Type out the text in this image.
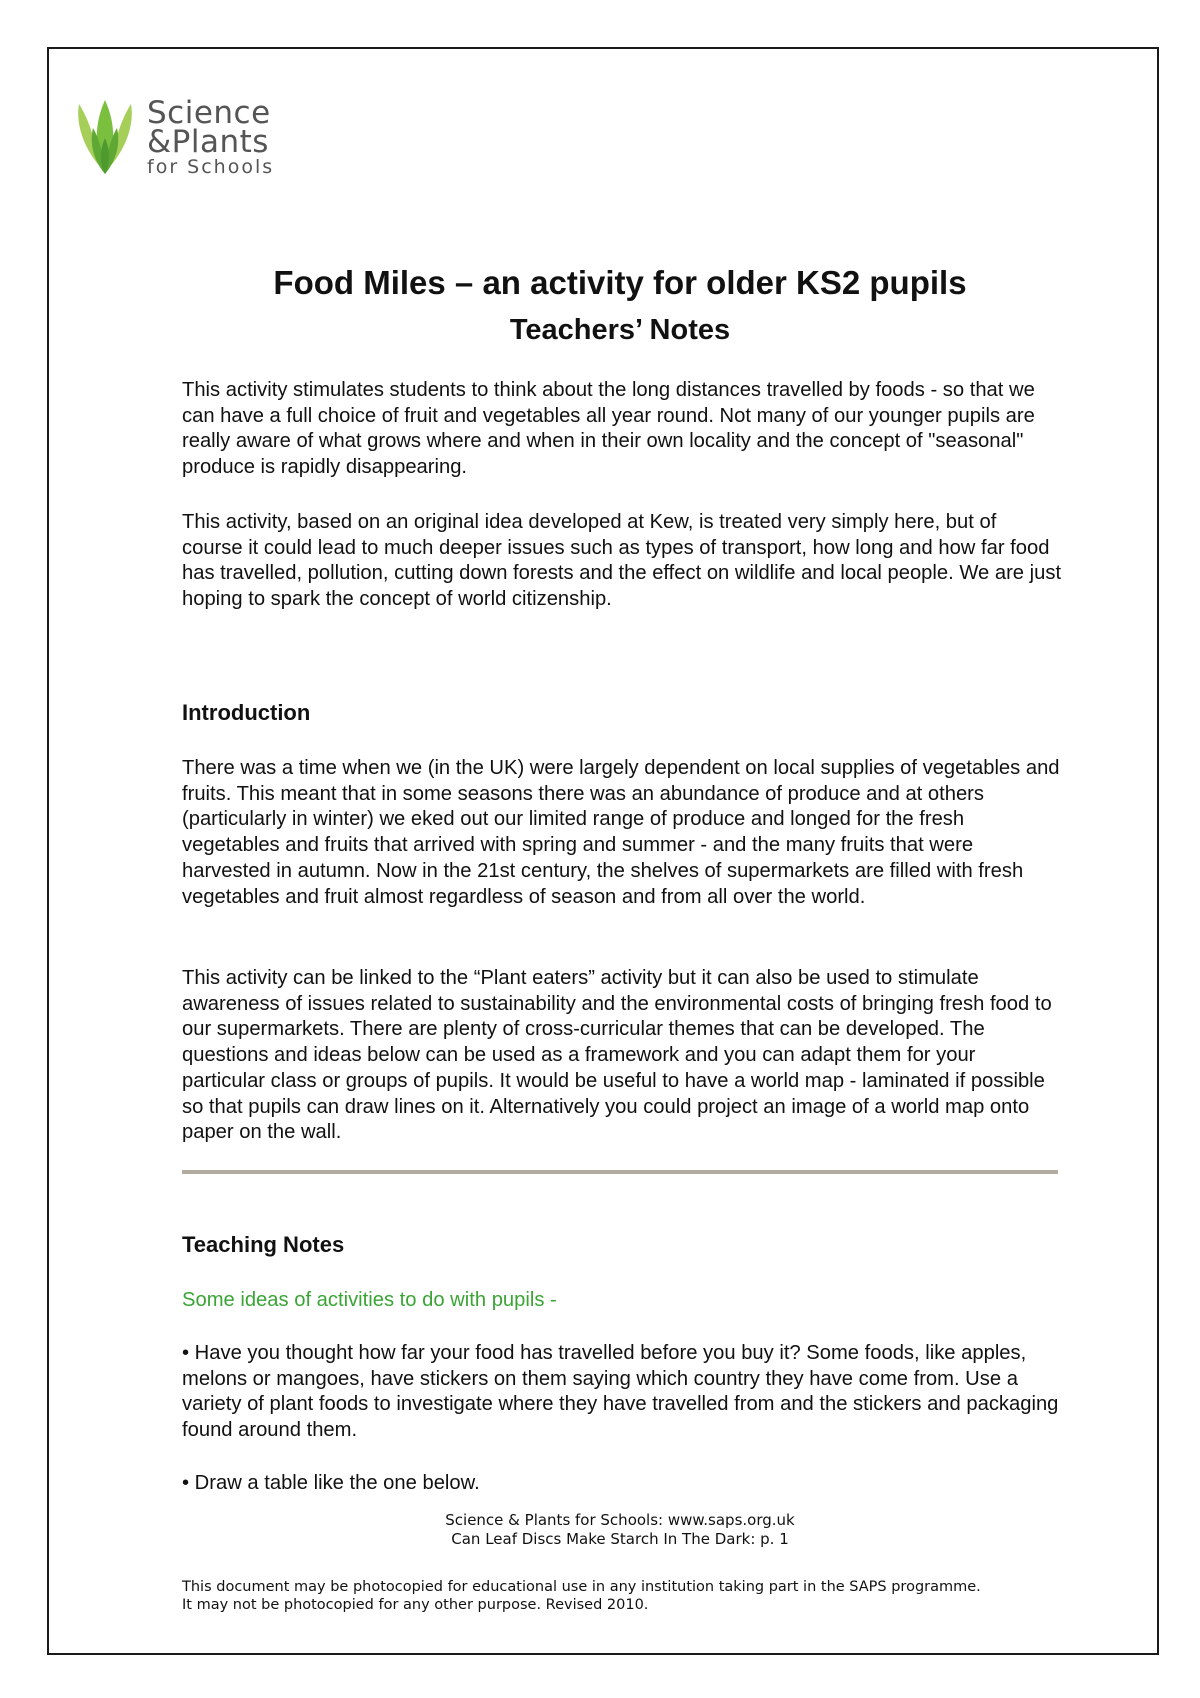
Science
&Plants
for Schools
Food Miles – an activity for older KS2 pupils
Teachers’ Notes

This activity stimulates students to think about the long distances travelled by foods - so that we can have a full choice of fruit and vegetables all year round. Not many of our younger pupils are really aware of what grows where and when in their own locality and the concept of "seasonal" produce is rapidly disappearing.

This activity, based on an original idea developed at Kew, is treated very simply here, but of course it could lead to much deeper issues such as types of transport, how long and how far food has travelled, pollution, cutting down forests and the effect on wildlife and local people. We are just hoping to spark the concept of world citizenship.

Introduction

There was a time when we (in the UK) were largely dependent on local supplies of vegetables and fruits. This meant that in some seasons there was an abundance of produce and at others (particularly in winter) we eked out our limited range of produce and longed for the fresh vegetables and fruits that arrived with spring and summer - and the many fruits that were harvested in autumn. Now in the 21st century, the shelves of supermarkets are filled with fresh vegetables and fruit almost regardless of season and from all over the world.

This activity can be linked to the “Plant eaters” activity but it can also be used to stimulate awareness of issues related to sustainability and the environmental costs of bringing fresh food to our supermarkets. There are plenty of cross-curricular themes that can be developed. The questions and ideas below can be used as a framework and you can adapt them for your particular class or groups of pupils. It would be useful to have a world map - laminated if possible so that pupils can draw lines on it. Alternatively you could project an image of a world map onto paper on the wall.

Teaching Notes
Some ideas of activities to do with pupils -

• Have you thought how far your food has travelled before you buy it? Some foods, like apples, melons or mangoes, have stickers on them saying which country they have come from. Use a variety of plant foods to investigate where they have travelled from and the stickers and packaging found around them.

• Draw a table like the one below.

Science & Plants for Schools: www.saps.org.uk
Can Leaf Discs Make Starch In The Dark: p. 1
This document may be photocopied for educational use in any institution taking part in the SAPS programme.
It may not be photocopied for any other purpose. Revised 2010.
